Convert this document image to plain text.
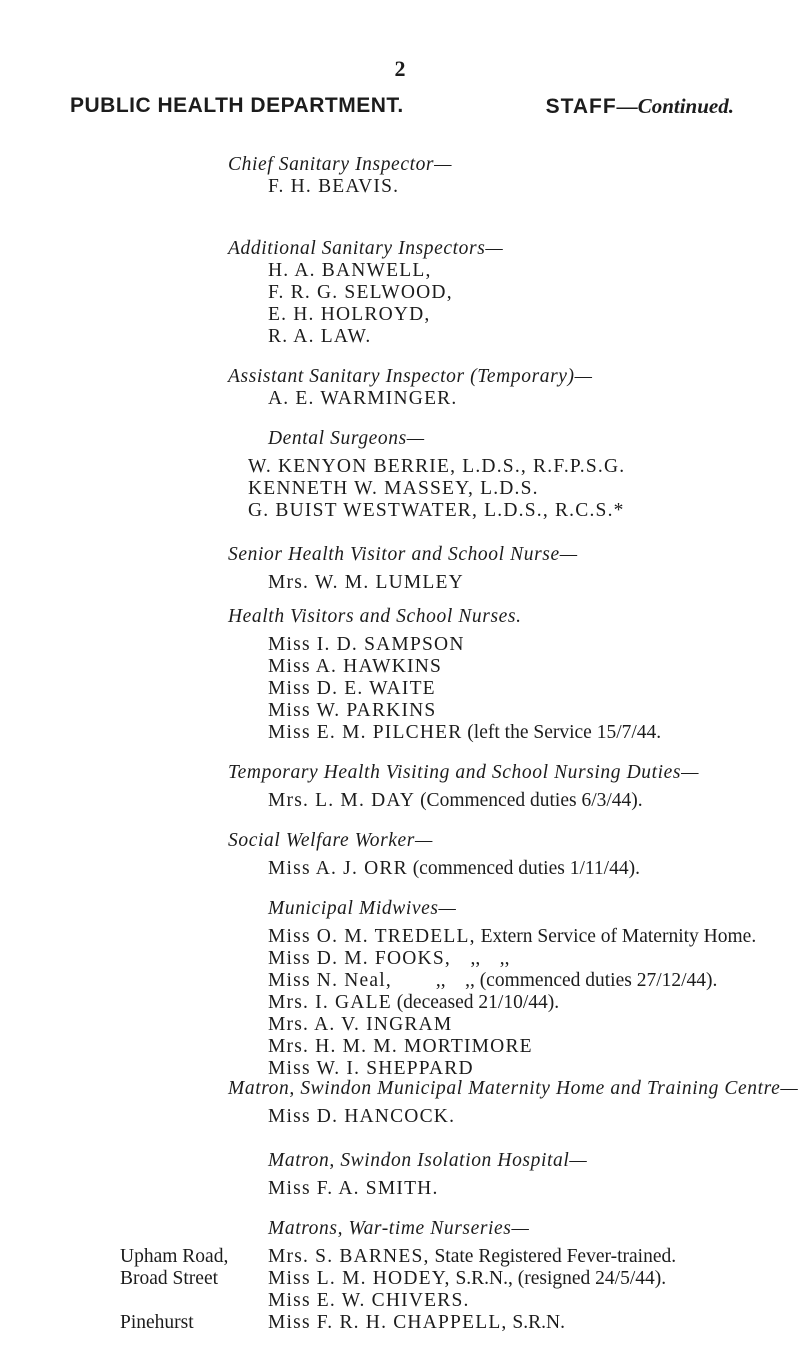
2
PUBLIC HEALTH DEPARTMENT.	STAFF—Continued.
Chief Sanitary Inspector—
F. H. BEAVIS.
Additional Sanitary Inspectors—
H. A. BANWELL,
F. R. G. SELWOOD,
E. H. HOLROYD,
R. A. LAW.
Assistant Sanitary Inspector (Temporary)—
A. E. WARMINGER.
Dental Surgeons—
W. KENYON BERRIE, L.D.S., R.F.P.S.G.
KENNETH W. MASSEY, L.D.S.
G. BUIST WESTWATER, L.D.S., R.C.S.*
Senior Health Visitor and School Nurse—
Mrs. W. M. LUMLEY
Health Visitors and School Nurses.
Miss I. D. SAMPSON
Miss A. HAWKINS
Miss D. E. WAITE
Miss W. PARKINS
Miss E. M. PILCHER (left the Service 15/7/44.
Temporary Health Visiting and School Nursing Duties—
Mrs. L. M. DAY (Commenced duties 6/3/44).
Social Welfare Worker—
Miss A. J. ORR (commenced duties 1/11/44).
Municipal Midwives—
Miss O. M. TREDELL, Extern Service of Maternity Home.
Miss D. M. FOOKS,    ,,    ,,
Miss N. Neal,         ,,    ,, (commenced duties 27/12/44).
Mrs. I. GALE (deceased 21/10/44).
Mrs. A. V. INGRAM
Mrs. H. M. M. MORTIMORE
Miss W. I. SHEPPARD
Matron, Swindon Municipal Maternity Home and Training Centre—
Miss D. HANCOCK.
Matron, Swindon Isolation Hospital—
Miss F. A. SMITH.
Matrons, War-time Nurseries—
Upham Road,
Broad Street
Pinehurst
Mrs. S. BARNES, State Registered Fever-trained.
Miss L. M. HODEY, S.R.N., (resigned 24/5/44).
Miss E. W. CHIVERS.
Miss F. R. H. CHAPPELL, S.R.N.
